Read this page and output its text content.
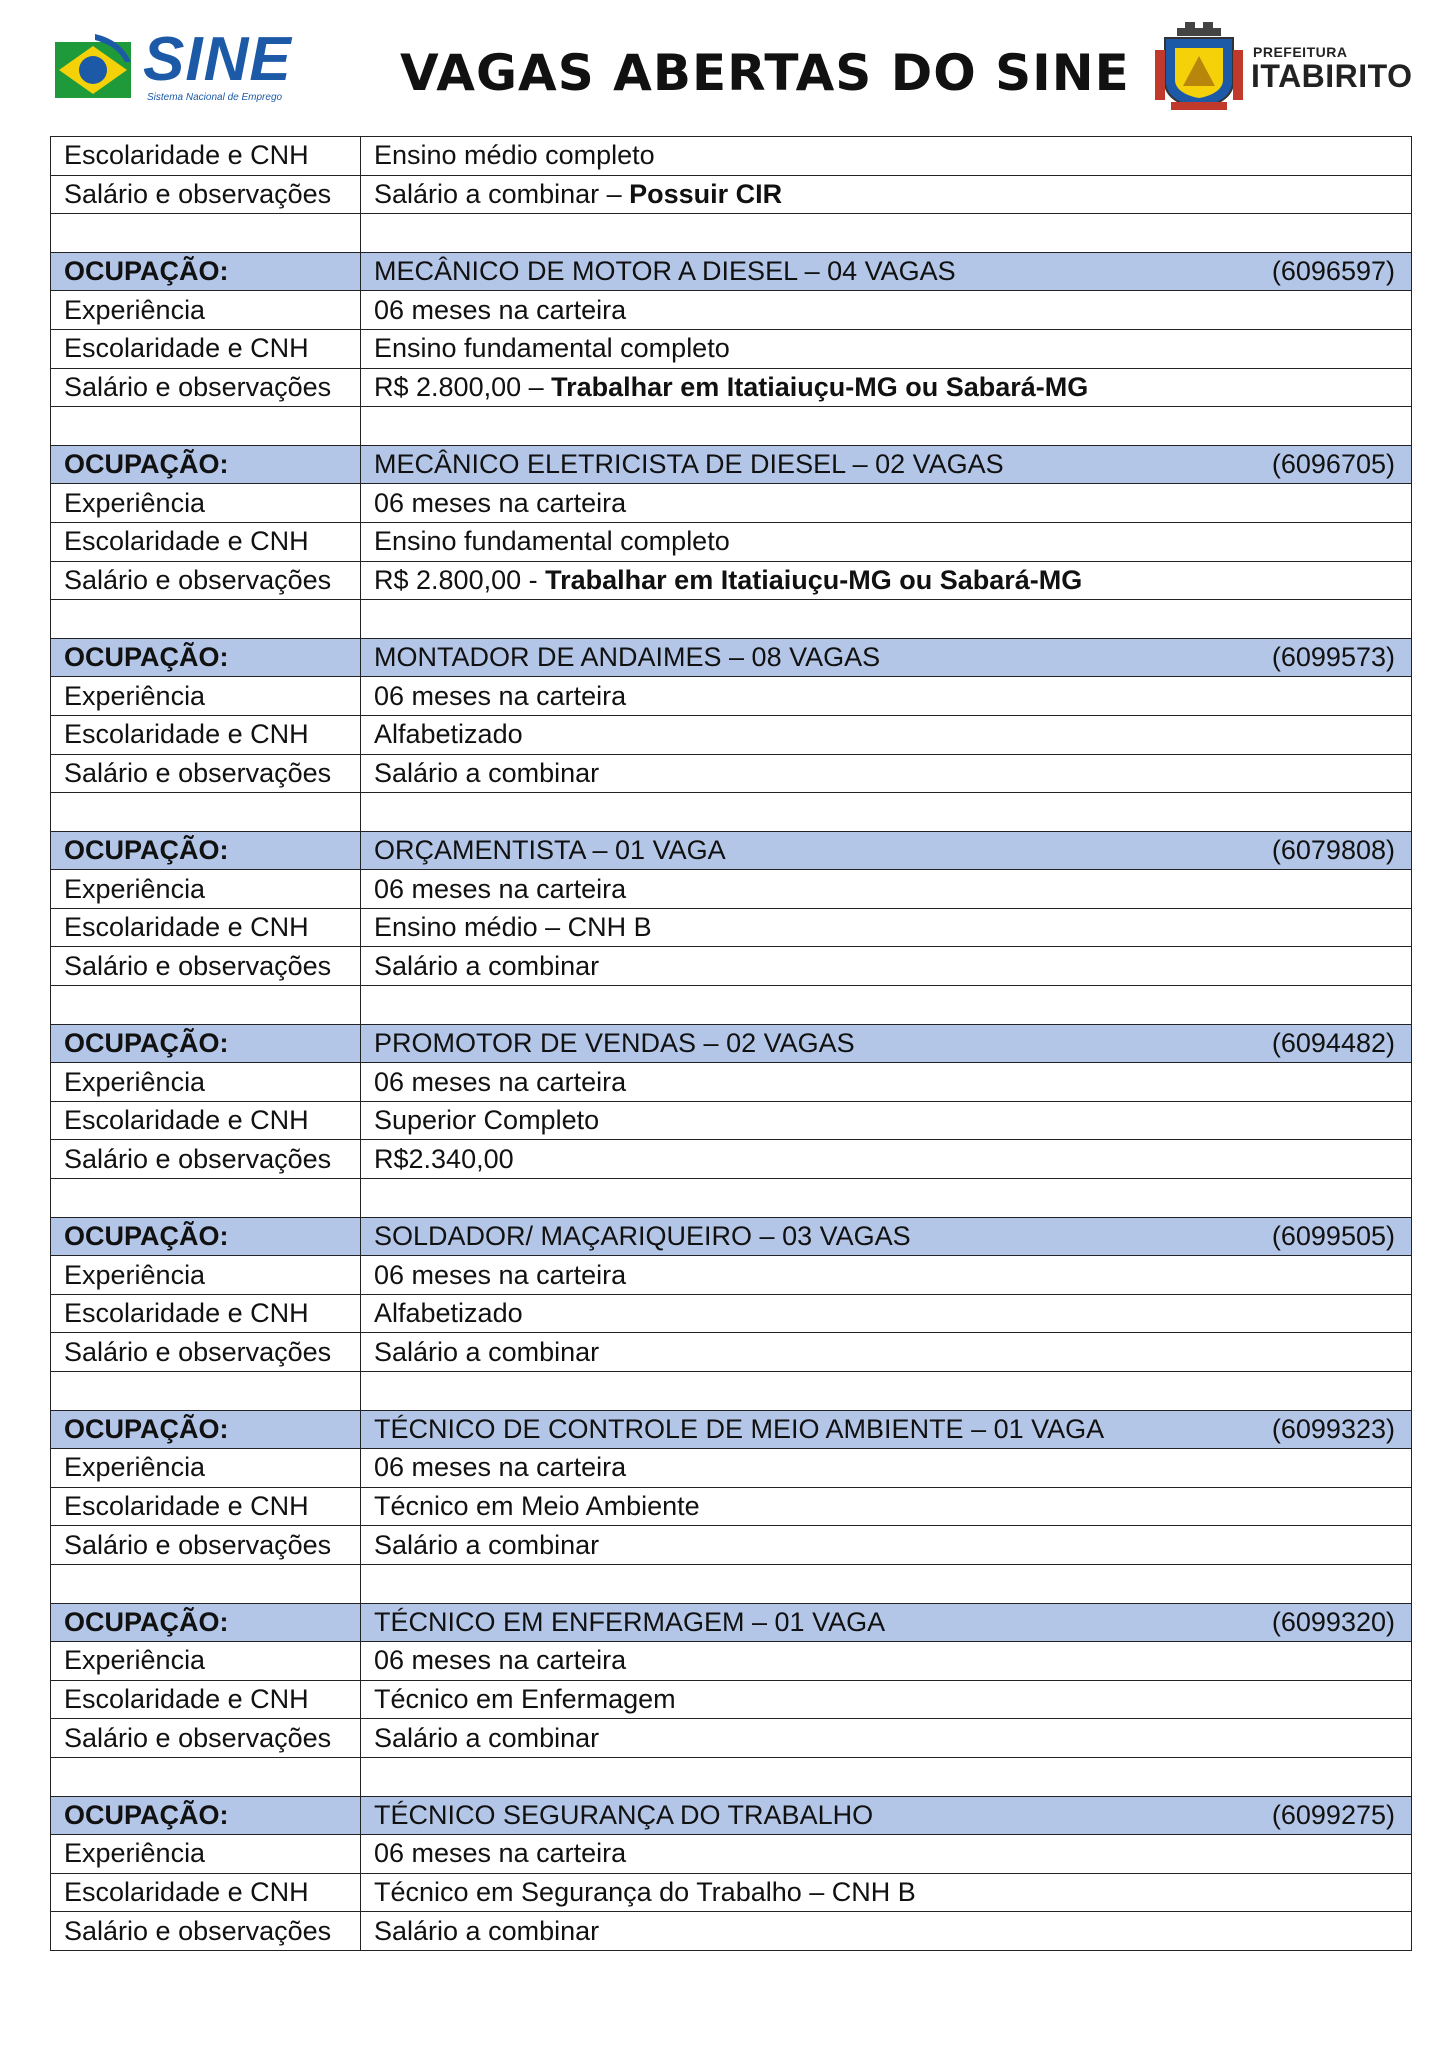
SINE
Sistema Nacional de Emprego VAGAS ABERTAS DO SINE	PREFEITURA
ITABIRITO
Escolaridade e CNH	Ensino médio completo
Salário e observações	Salário a combinar – Possuir CIR

OCUPAÇÃO:	MECÂNICO DE MOTOR A DIESEL – 04 VAGAS (6096597)

Experiência	06 meses na carteira
Escolaridade e CNH	Ensino fundamental completo
Salário e observações	R$ 2.800,00 – Trabalhar em Itatiaiuçu-MG ou Sabará-MG

OCUPAÇÃO:	MECÂNICO ELETRICISTA DE DIESEL – 02 VAGAS (6096705)

Experiência	06 meses na carteira
Escolaridade e CNH	Ensino fundamental completo
Salário e observações	R$ 2.800,00 - Trabalhar em Itatiaiuçu-MG ou Sabará-MG

OCUPAÇÃO:	MONTADOR DE ANDAIMES – 08 VAGAS (6099573)

Experiência	06 meses na carteira
Escolaridade e CNH	Alfabetizado
Salário e observações	Salário a combinar

OCUPAÇÃO:	ORÇAMENTISTA – 01 VAGA (6079808)

Experiência	06 meses na carteira
Escolaridade e CNH	Ensino médio – CNH B
Salário e observações	Salário a combinar

OCUPAÇÃO:	PROMOTOR DE VENDAS – 02 VAGAS (6094482)

Experiência	06 meses na carteira
Escolaridade e CNH	Superior Completo
Salário e observações	R$2.340,00

OCUPAÇÃO:	SOLDADOR/ MAÇARIQUEIRO – 03 VAGAS (6099505)

Experiência	06 meses na carteira
Escolaridade e CNH	Alfabetizado
Salário e observações	Salário a combinar

OCUPAÇÃO:	TÉCNICO DE CONTROLE DE MEIO AMBIENTE – 01 VAGA (6099323)

Experiência	06 meses na carteira
Escolaridade e CNH	Técnico em Meio Ambiente
Salário e observações	Salário a combinar

OCUPAÇÃO:	TÉCNICO EM ENFERMAGEM – 01 VAGA (6099320)

Experiência	06 meses na carteira
Escolaridade e CNH	Técnico em Enfermagem
Salário e observações	Salário a combinar

OCUPAÇÃO:	TÉCNICO SEGURANÇA DO TRABALHO (6099275)

Experiência	06 meses na carteira
Escolaridade e CNH	Técnico em Segurança do Trabalho – CNH B
Salário e observações	Salário a combinar
